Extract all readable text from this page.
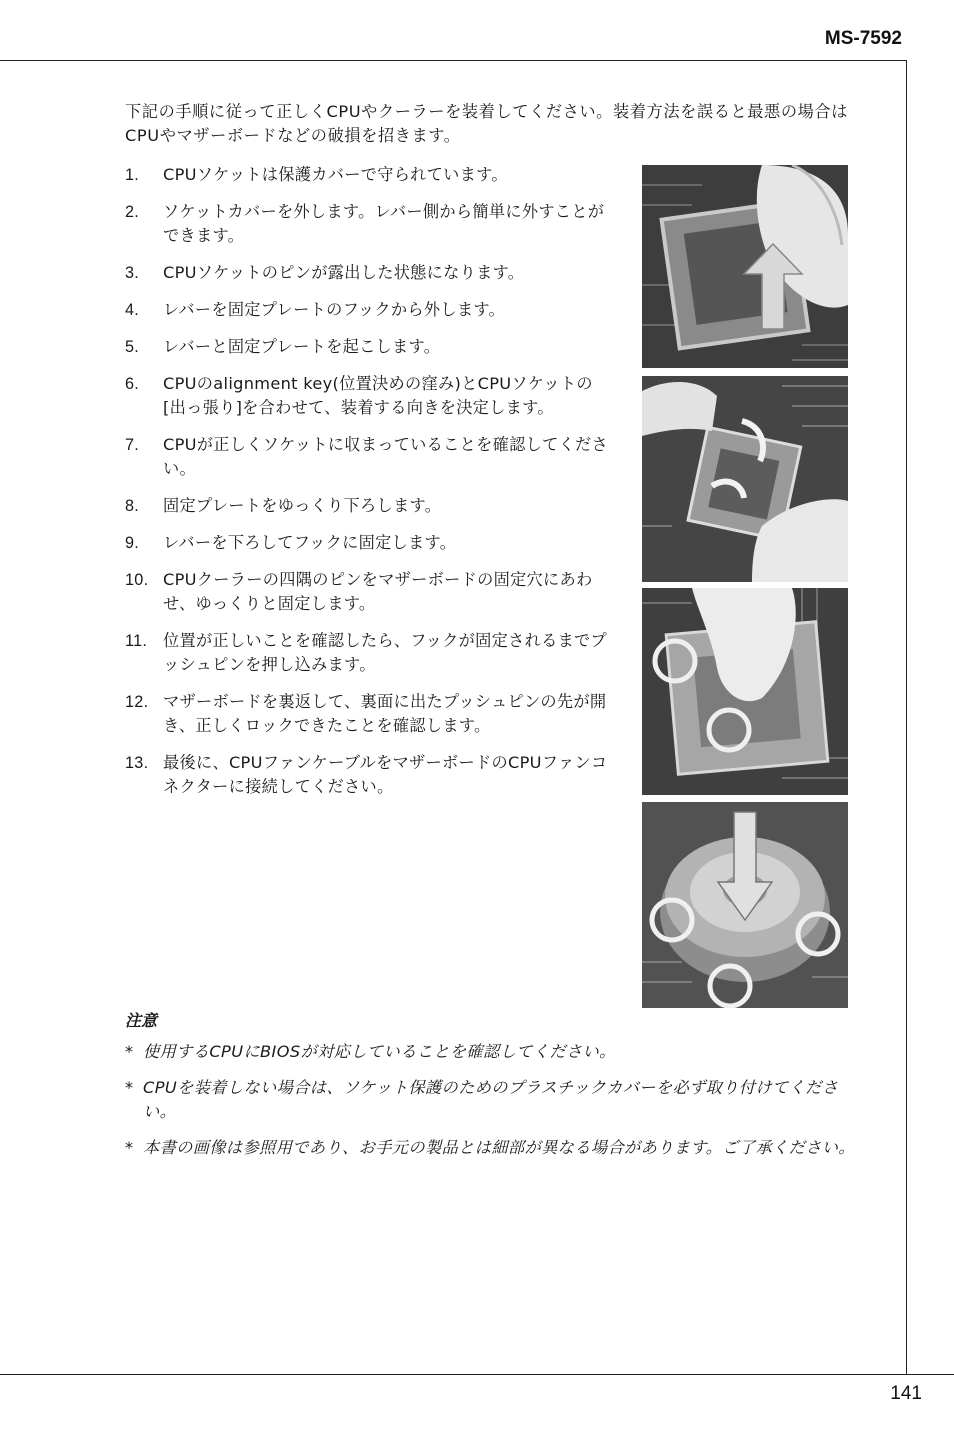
MS-7592
下記の手順に従って正しくCPUやクーラーを装着してください。装着方法を誤ると最悪の場合はCPUやマザーボードなどの破損を招きます。
1.	CPUソケットは保護カバーで守られています。
2.	ソケットカバーを外します。レバー側から簡単に外すことができます。
3.	CPUソケットのピンが露出した状態になります。
4.	レバーを固定プレートのフックから外します。
5.	レバーと固定プレートを起こします。
6.	CPUのalignment key(位置決めの窪み)とCPUソケットの[出っ張り]を合わせて、装着する向きを決定します。
7.	CPUが正しくソケットに収まっていることを確認してください。
8.	固定プレートをゆっくり下ろします。
9.	レバーを下ろしてフックに固定します。
10. CPUクーラーの四隅のピンをマザーボードの固定穴にあわせ、ゆっくりと固定します。
11. 位置が正しいことを確認したら、フックが固定されるまでプッシュピンを押し込みます。
12. マザーボードを裏返して、裏面に出たプッシュピンの先が開き、正しくロックできたことを確認します。
13. 最後に、CPUファンケーブルをマザーボードのCPUファンコネクターに接続してください。
注意
* 使用するCPUにBIOSが対応していることを確認してください。
* CPUを装着しない場合は、ソケット保護のためのプラスチックカバーを必ず取り付けてください。
* 本書の画像は参照用であり、お手元の製品とは細部が異なる場合があります。ご了承ください。
141
